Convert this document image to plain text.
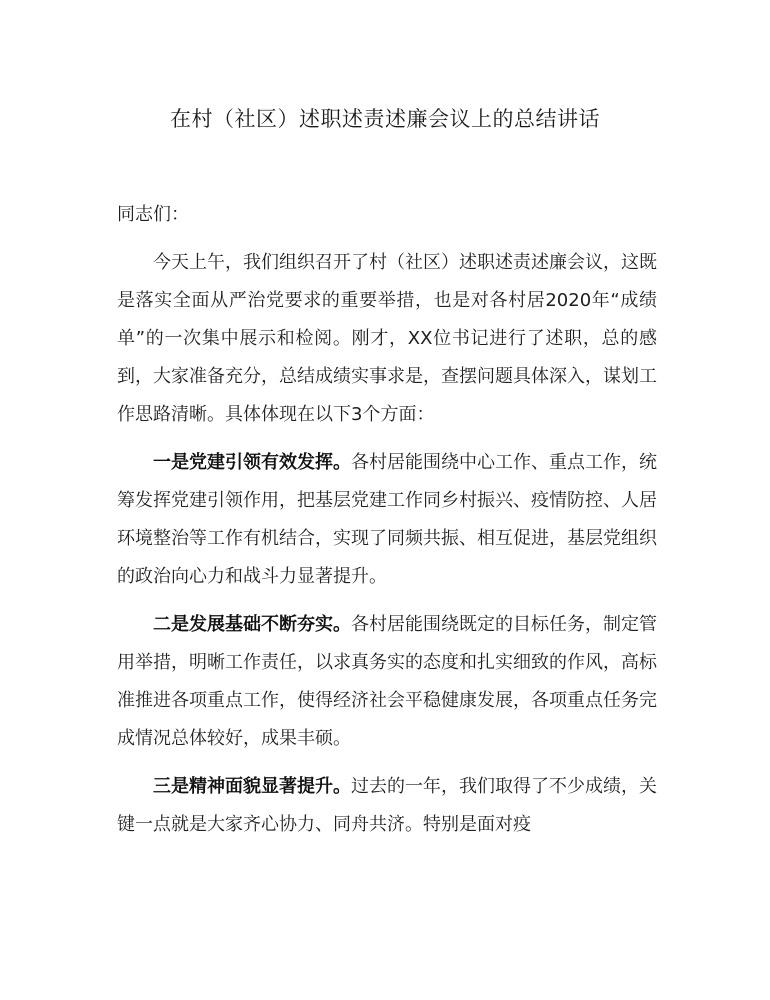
在村（社区）述职述责述廉会议上的总结讲话

同志们：

今天上午，我们组织召开了村（社区）述职述责述廉会议，这既是落实全面从严治党要求的重要举措，也是对各村居2020年“成绩单”的一次集中展示和检阅。刚才，XX位书记进行了述职，总的感到，大家准备充分，总结成绩实事求是，查摆问题具体深入，谋划工作思路清晰。具体体现在以下3个方面：

一是党建引领有效发挥。各村居能围绕中心工作、重点工作，统筹发挥党建引领作用，把基层党建工作同乡村振兴、疫情防控、人居环境整治等工作有机结合，实现了同频共振、相互促进，基层党组织的政治向心力和战斗力显著提升。

二是发展基础不断夯实。各村居能围绕既定的目标任务，制定管用举措，明晰工作责任，以求真务实的态度和扎实细致的作风，高标准推进各项重点工作，使得经济社会平稳健康发展，各项重点任务完成情况总体较好，成果丰硕。

三是精神面貌显著提升。过去的一年，我们取得了不少成绩，关键一点就是大家齐心协力、同舟共济。特别是面对疫
